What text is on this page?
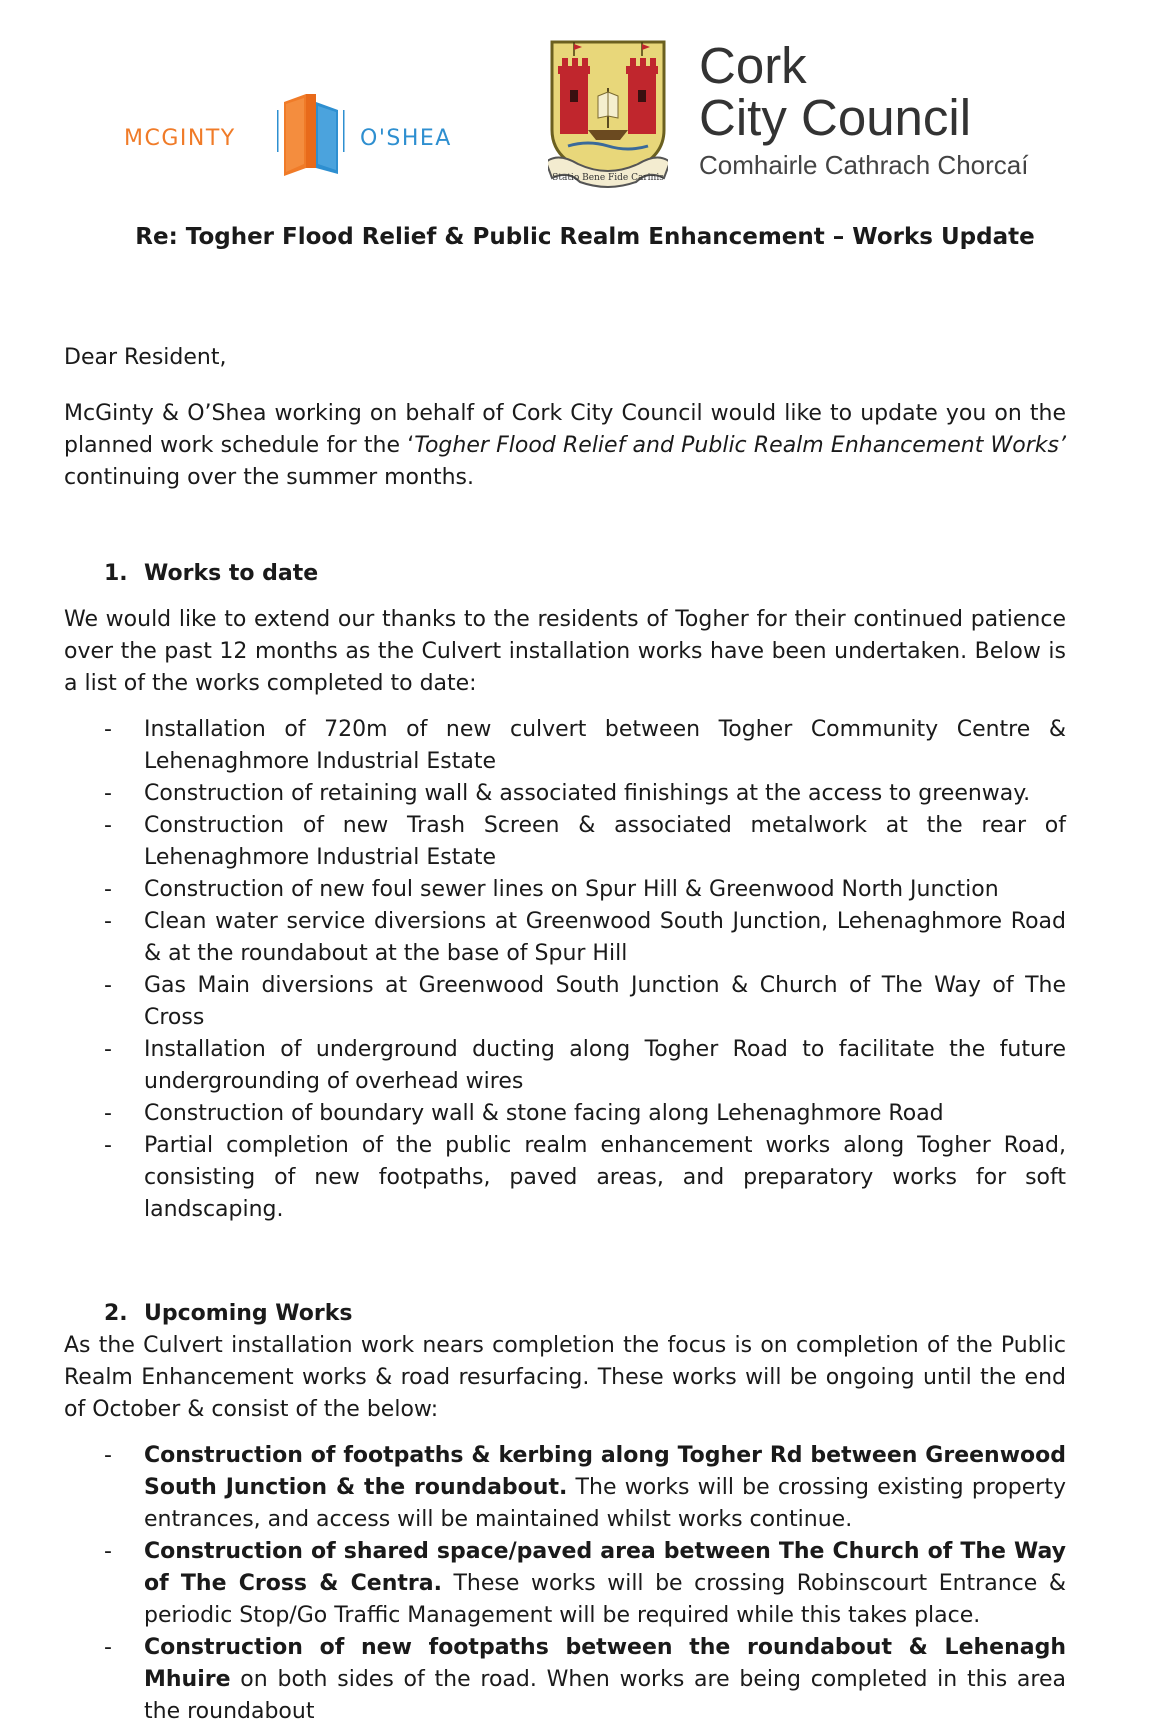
MCGINTY	O'SHEA
Statio Bene Fide Carinis
Cork
City Council
Comhairle Cathrach Chorcaí
Re: Togher Flood Relief & Public Realm Enhancement – Works Update

Dear Resident,

McGinty & O’Shea working on behalf of Cork City Council would like to update you on the planned work schedule for the ‘Togher Flood Relief and Public Realm Enhancement Works’ continuing over the summer months.

1. Works to date

We would like to extend our thanks to the residents of Togher for their continued patience over the past 12 months as the Culvert installation works have been undertaken. Below is a list of the works completed to date:

- Installation of 720m of new culvert between Togher Community Centre & Lehenaghmore Industrial Estate
- Construction of retaining wall & associated finishings at the access to greenway.
- Construction of new Trash Screen & associated metalwork at the rear of Lehenaghmore Industrial Estate
- Construction of new foul sewer lines on Spur Hill & Greenwood North Junction
- Clean water service diversions at Greenwood South Junction, Lehenaghmore Road & at the roundabout at the base of Spur Hill
- Gas Main diversions at Greenwood South Junction & Church of The Way of The Cross
- Installation of underground ducting along Togher Road to facilitate the future undergrounding of overhead wires
- Construction of boundary wall & stone facing along Lehenaghmore Road
- Partial completion of the public realm enhancement works along Togher Road, consisting of new footpaths, paved areas, and preparatory works for soft landscaping.

2. Upcoming Works

As the Culvert installation work nears completion the focus is on completion of the Public Realm Enhancement works & road resurfacing. These works will be ongoing until the end of October & consist of the below:

- Construction of footpaths & kerbing along Togher Rd between Greenwood South Junction & the roundabout. The works will be crossing existing property entrances, and access will be maintained whilst works continue.
- Construction of shared space/paved area between The Church of The Way of The Cross & Centra. These works will be crossing Robinscourt Entrance & periodic Stop/Go Traffic Management will be required while this takes place.
- Construction of new footpaths between the roundabout & Lehenagh Mhuire on both sides of the road. When works are being completed in this area the roundabout
